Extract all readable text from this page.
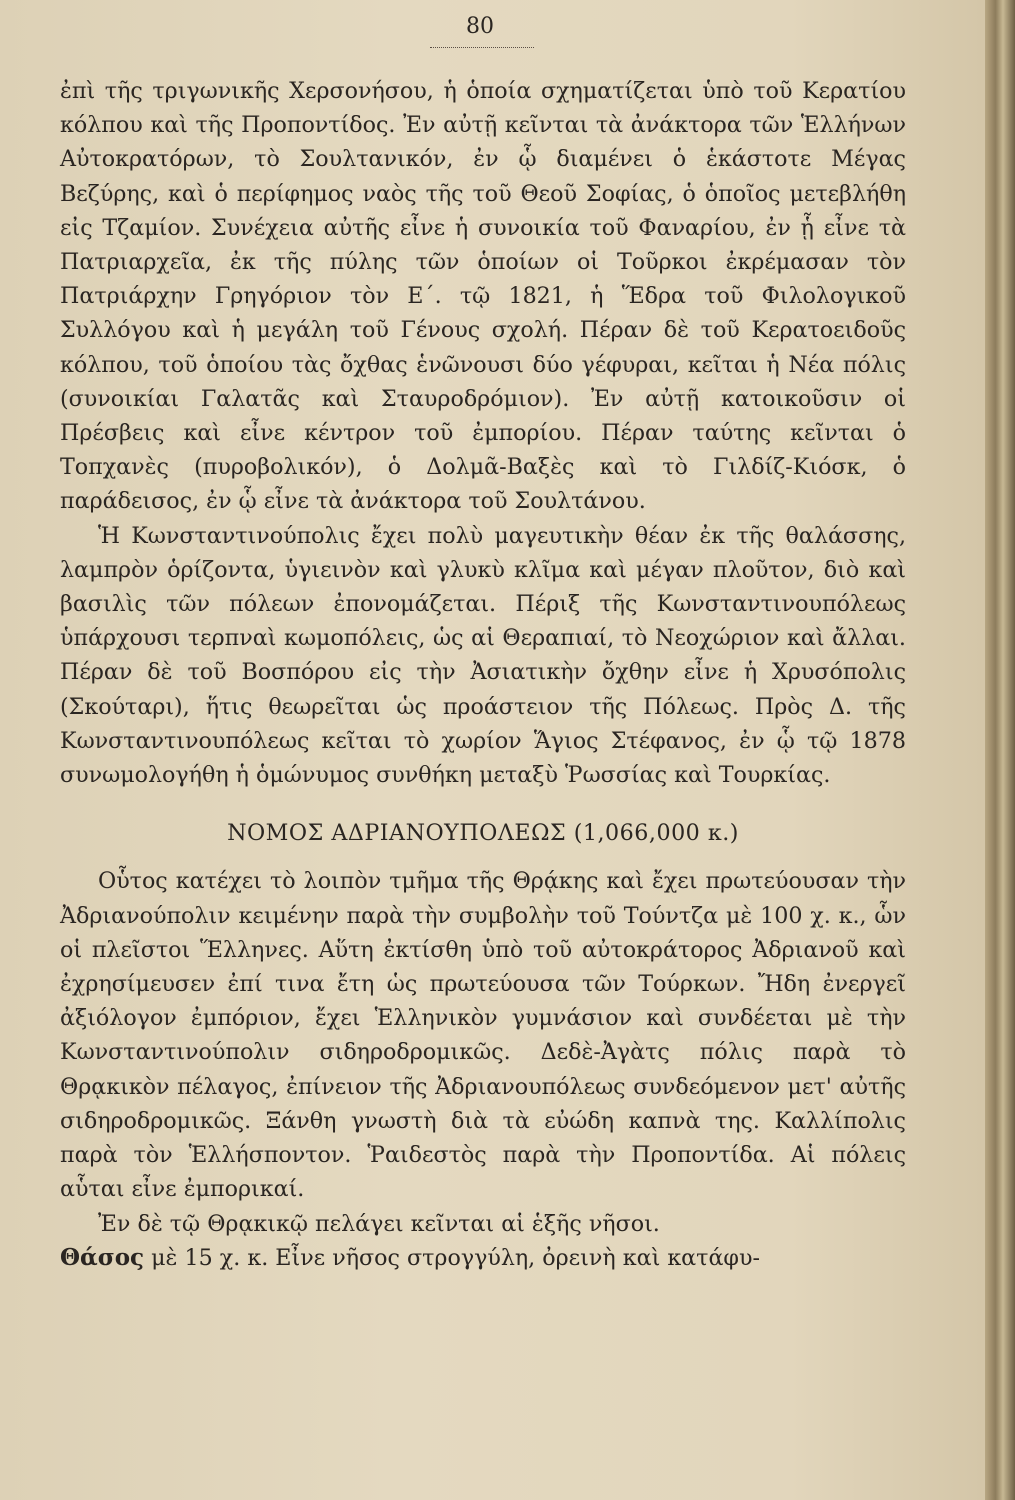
80

ἐπὶ τῆς τριγωνικῆς Χερσονήσου, ἡ ὁποία σχηματίζεται ὑπὸ τοῦ Κερατίου κόλπου καὶ τῆς Προποντίδος. Ἐν αὐτῇ κεῖνται τὰ ἀνάκτορα τῶν Ἑλλήνων Αὐτοκρατόρων, τὸ Σουλτανικόν, ἐν ᾧ διαμένει ὁ ἑκάστοτε Μέγας Βεζύρης, καὶ ὁ περίφημος ναὸς τῆς τοῦ Θεοῦ Σοφίας, ὁ ὁποῖος μετεβλήθη εἰς Τζαμίον. Συνέχεια αὐτῆς εἶνε ἡ συνοικία τοῦ Φαναρίου, ἐν ᾗ εἶνε τὰ Πατριαρχεῖα, ἐκ τῆς πύλης τῶν ὁποίων οἱ Τοῦρκοι ἐκρέμασαν τὸν Πατριάρχην Γρηγόριον τὸν Ε΄. τῷ 1821, ἡ Ἕδρα τοῦ Φιλολογικοῦ Συλλόγου καὶ ἡ μεγάλη τοῦ Γένους σχολή. Πέραν δὲ τοῦ Κερατοειδοῦς κόλπου, τοῦ ὁποίου τὰς ὄχθας ἑνῶνουσι δύο γέφυραι, κεῖται ἡ Νέα πόλις (συνοικίαι Γαλατᾶς καὶ Σταυροδρόμιον). Ἐν αὐτῇ κατοικοῦσιν οἱ Πρέσβεις καὶ εἶνε κέντρον τοῦ ἐμπορίου. Πέραν ταύτης κεῖνται ὁ Τοπχανὲς (πυροβολικόν), ὁ Δολμᾶ-Βαξὲς καὶ τὸ Γιλδίζ-Κιόσκ, ὁ παράδεισος, ἐν ᾧ εἶνε τὰ ἀνάκτορα τοῦ Σουλτάνου.

Ἡ Κωνσταντινούπολις ἔχει πολὺ μαγευτικὴν θέαν ἐκ τῆς θαλάσσης, λαμπρὸν ὁρίζοντα, ὑγιεινὸν καὶ γλυκὺ κλῖμα καὶ μέγαν πλοῦτον, διὸ καὶ βασιλὶς τῶν πόλεων ἐπονομάζεται. Πέριξ τῆς Κωνσταντινουπόλεως ὑπάρχουσι τερπναὶ κωμοπόλεις, ὡς αἱ Θεραπιαί, τὸ Νεοχώριον καὶ ἄλλαι. Πέραν δὲ τοῦ Βοσπόρου εἰς τὴν Ἀσιατικὴν ὄχθην εἶνε ἡ Χρυσόπολις (Σκούταρι), ἥτις θεωρεῖται ὡς προάστειον τῆς Πόλεως. Πρὸς Δ. τῆς Κωνσταντινουπόλεως κεῖται τὸ χωρίον Ἅγιος Στέφανος, ἐν ᾧ τῷ 1878 συνωμολογήθη ἡ ὁμώνυμος συνθήκη μεταξὺ Ῥωσσίας καὶ Τουρκίας.

ΝΟΜΟΣ ΑΔΡΙΑΝΟΥΠΟΛΕΩΣ (1,066,000 κ.)

Οὗτος κατέχει τὸ λοιπὸν τμῆμα τῆς Θρᾴκης καὶ ἔχει πρωτεύουσαν τὴν Ἀδριανούπολιν κειμένην παρὰ τὴν συμβολὴν τοῦ Τούντζα μὲ 100 χ. κ., ὧν οἱ πλεῖστοι Ἕλληνες. Αὕτη ἐκτίσθη ὑπὸ τοῦ αὐτοκράτορος Ἀδριανοῦ καὶ ἐχρησίμευσεν ἐπί τινα ἔτη ὡς πρωτεύουσα τῶν Τούρκων. Ἤδη ἐνεργεῖ ἀξιόλογον ἐμπόριον, ἔχει Ἑλληνικὸν γυμνάσιον καὶ συνδέεται μὲ τὴν Κωνσταντινούπολιν σιδηροδρομικῶς. Δεδὲ-Ἀγὰτς πόλις παρὰ τὸ Θρᾳκικὸν πέλαγος, ἐπίνειον τῆς Ἀδριανουπόλεως συνδεόμενον μετ' αὐτῆς σιδηροδρομικῶς. Ξάνθη γνωστὴ διὰ τὰ εὐώδη καπνὰ της. Καλλίπολις παρὰ τὸν Ἑλλήσποντον. Ῥαιδεστὸς παρὰ τὴν Προποντίδα. Αἱ πόλεις αὗται εἶνε ἐμπορικαί.

Ἐν δὲ τῷ Θρᾳκικῷ πελάγει κεῖνται αἱ ἑξῆς νῆσοι.

Θάσος μὲ 15 χ. κ. Εἶνε νῆσος στρογγύλη, ὀρεινὴ καὶ κατάφυ-
